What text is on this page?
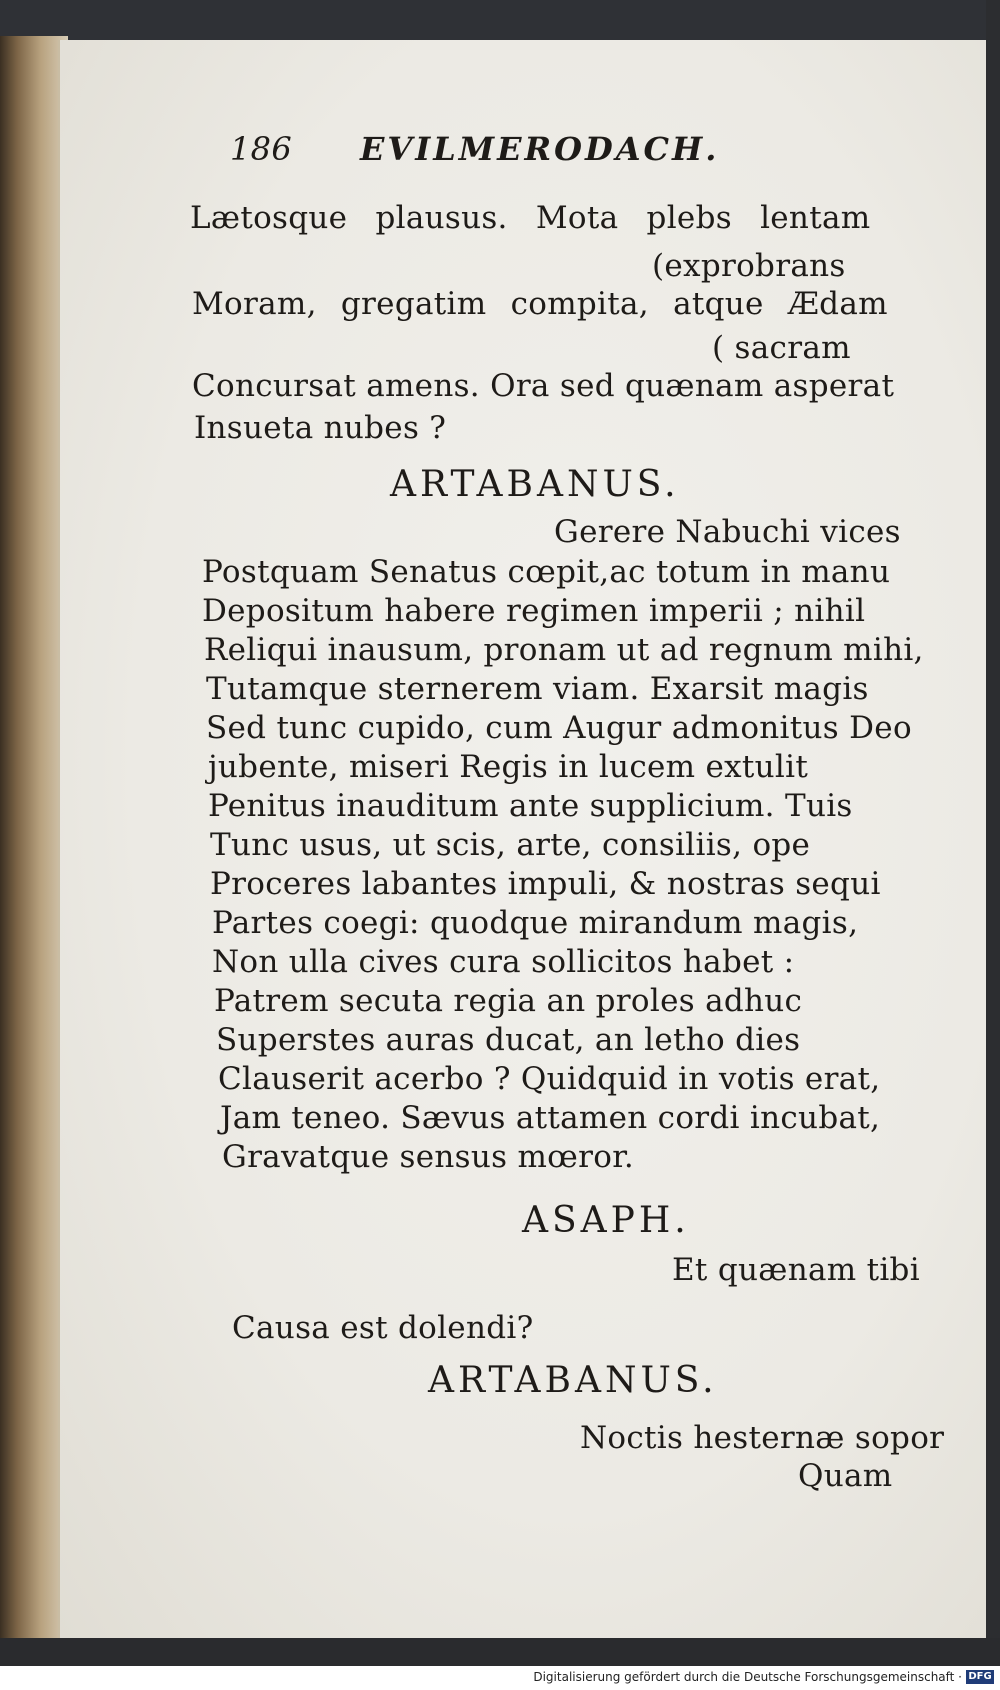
186 EVILMERODACH.
Lætosque plausus. Mota plebs lentam
(exprobrans
Moram, gregatim compita, atque Ædam
( sacram
Concursat amens. Ora sed quænam asperat
Insueta nubes ?
ARTABANUS.
Gerere Nabuchi vices
Postquam Senatus cœpit,ac totum in manu
Depositum habere regimen imperii ; nihil
Reliqui inausum, pronam ut ad regnum mihi,
Tutamque sternerem viam. Exarsit magis
Sed tunc cupido, cum Augur admonitus Deo
jubente, miseri Regis in lucem extulit
Penitus inauditum ante supplicium. Tuis
Tunc usus, ut scis, arte, consiliis, ope
Proceres labantes impuli, & nostras sequi
Partes coegi: quodque mirandum magis,
Non ulla cives cura sollicitos habet :
Patrem secuta regia an proles adhuc
Superstes auras ducat, an letho dies
Clauserit acerbo ? Quidquid in votis erat,
Jam teneo. Sævus attamen cordi incubat,
Gravatque sensus mœror.
ASAPH.
Et quænam tibi
Causa est dolendi?
ARTABANUS.
Noctis hesternæ sopor
Quam
Digitalisierung gefördert durch die Deutsche Forschungsgemeinschaft · DFG
